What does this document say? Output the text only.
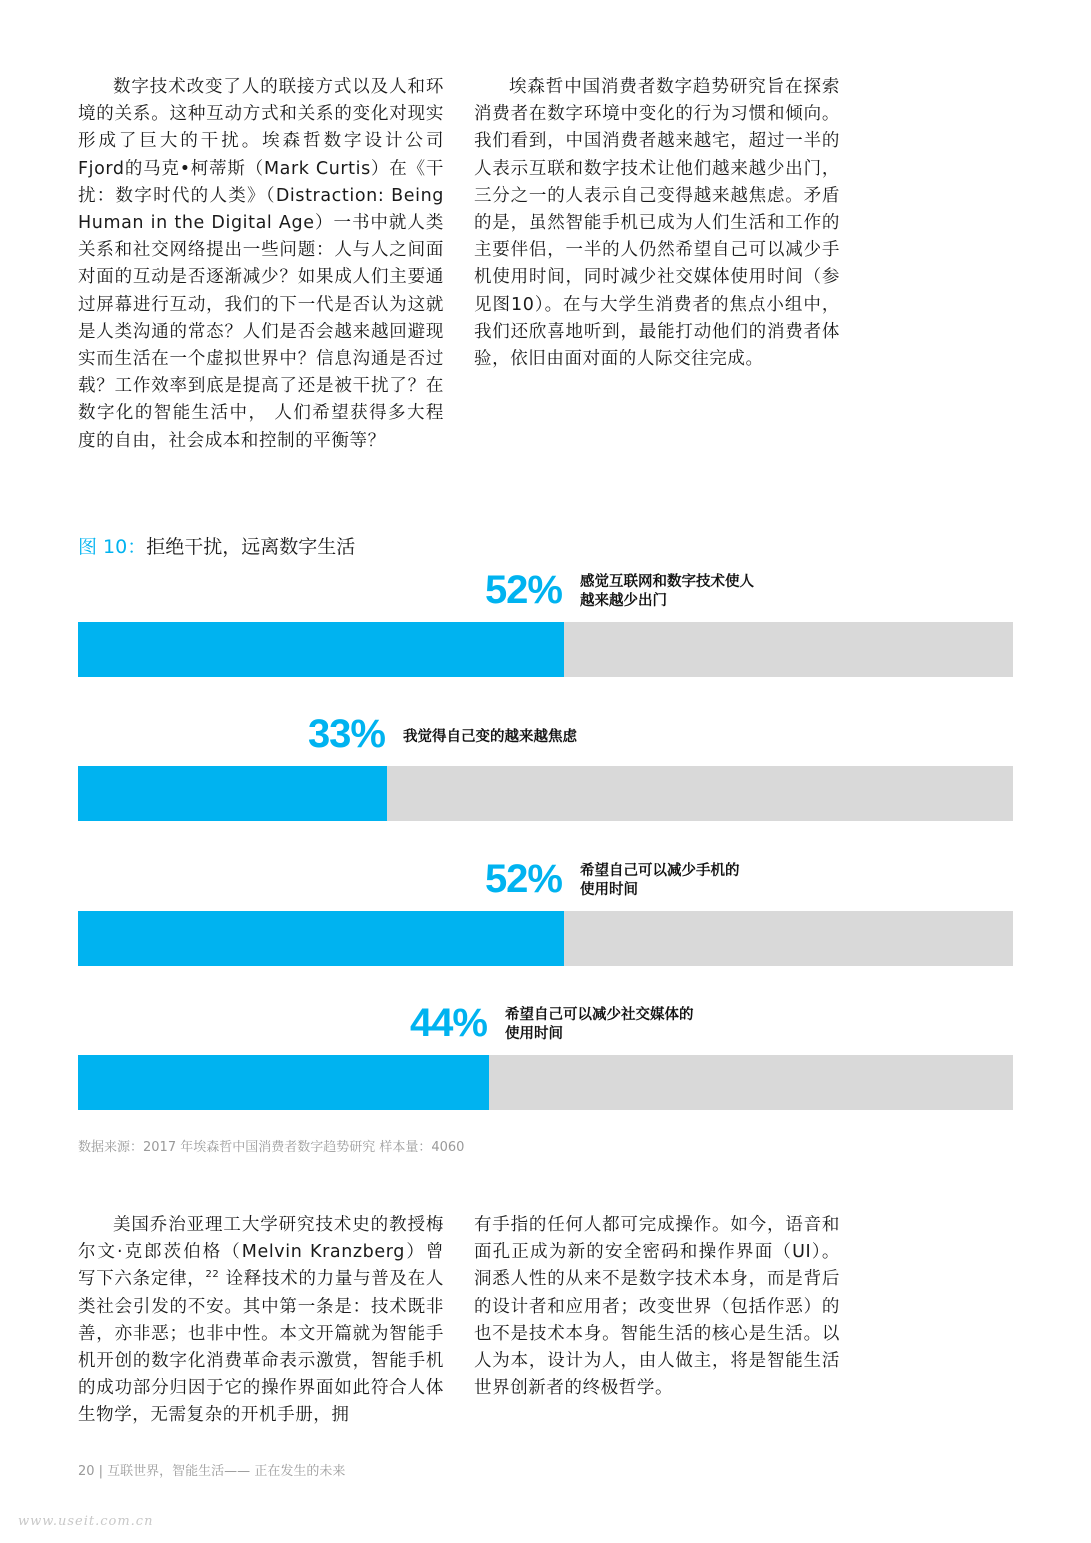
数字技术改变了人的联接方式以及人和环境的关系。这种互动方式和关系的变化对现实形成了巨大的干扰。埃森哲数字设计公司Fjord的马克•柯蒂斯（Mark Curtis）在《干扰：数字时代的人类》（Distraction: Being Human in the Digital Age）一书中就人类关系和社交网络提出一些问题：人与人之间面对面的互动是否逐渐减少？如果成人们主要通过屏幕进行互动，我们的下一代是否认为这就是人类沟通的常态？人们是否会越来越回避现实而生活在一个虚拟世界中？信息沟通是否过载？工作效率到底是提高了还是被干扰了？在数字化的智能生活中， 人们希望获得多大程度的自由，社会成本和控制的平衡等？

埃森哲中国消费者数字趋势研究旨在探索消费者在数字环境中变化的行为习惯和倾向。我们看到，中国消费者越来越宅，超过一半的人表示互联和数字技术让他们越来越少出门，三分之一的人表示自己变得越来越焦虑。矛盾的是，虽然智能手机已成为人们生活和工作的主要伴侣，一半的人仍然希望自己可以减少手机使用时间，同时减少社交媒体使用时间（参见图10）。在与大学生消费者的焦点小组中，我们还欣喜地听到，最能打动他们的消费者体验，依旧由面对面的人际交往完成。

图 10：拒绝干扰，远离数字生活
52% 感觉互联网和数字技术使人
越来越少出门
33% 我觉得自己变的越来越焦虑
52% 希望自己可以减少手机的
使用时间
44% 希望自己可以减少社交媒体的
使用时间
数据来源：2017 年埃森哲中国消费者数字趋势研究 样本量：4060

美国乔治亚理工大学研究技术史的教授梅尔文·克郎茨伯格（Melvin Kranzberg）曾写下六条定律，$^{22}$ 诠释技术的力量与普及在人类社会引发的不安。其中第一条是：技术既非善，亦非恶；也非中性。本文开篇就为智能手机开创的数字化消费革命表示激赏，智能手机的成功部分归因于它的操作界面如此符合人体生物学，无需复杂的开机手册，拥

有手指的任何人都可完成操作。如今，语音和面孔正成为新的安全密码和操作界面（UI）。洞悉人性的从来不是数字技术本身，而是背后的设计者和应用者；改变世界（包括作恶）的也不是技术本身。智能生活的核心是生活。以人为本，设计为人，由人做主，将是智能生活世界创新者的终极哲学。

20 | 互联世界，智能生活—— 正在发生的未来
www.useit.com.cn
